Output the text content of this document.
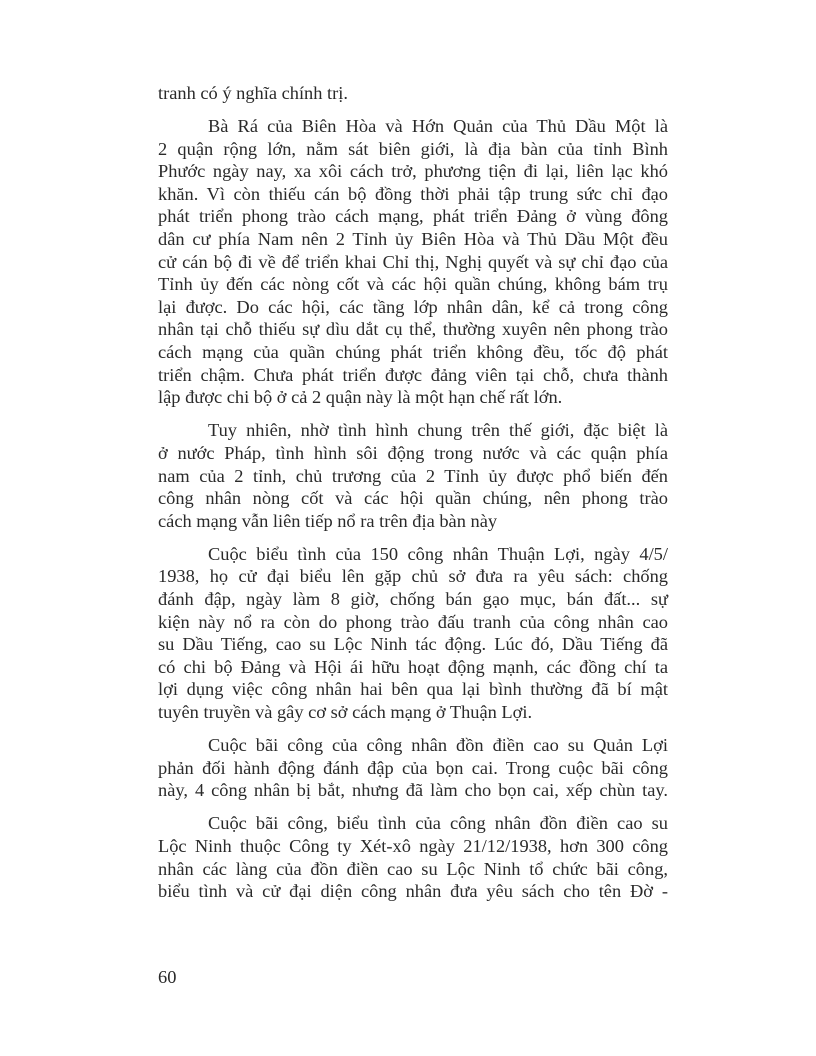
tranh có ý nghĩa chính trị.
Bà Rá của Biên Hòa và Hớn Quản của Thủ Dầu Một là
2 quận rộng lớn, nằm sát biên giới, là địa bàn của tỉnh Bình
Phước ngày nay, xa xôi cách trở, phương tiện đi lại, liên lạc khó
khăn. Vì còn thiếu cán bộ đồng thời phải tập trung sức chỉ đạo
phát triển phong trào cách mạng, phát triển Đảng ở vùng đông
dân cư phía Nam nên 2 Tỉnh ủy Biên Hòa và Thủ Dầu Một đều
cử cán bộ đi về để triển khai Chỉ thị, Nghị quyết và sự chỉ đạo của
Tỉnh ủy đến các nòng cốt và các hội quần chúng, không bám trụ
lại được. Do các hội, các tầng lớp nhân dân, kể cả trong công
nhân tại chỗ thiếu sự dìu dắt cụ thể, thường xuyên nên phong trào
cách mạng của quần chúng phát triển không đều, tốc độ phát
triển chậm. Chưa phát triển được đảng viên tại chỗ, chưa thành
lập được chi bộ ở cả 2 quận này là một hạn chế rất lớn.
Tuy nhiên, nhờ tình hình chung trên thế giới, đặc biệt là
ở nước Pháp, tình hình sôi động trong nước và các quận phía
nam của 2 tỉnh, chủ trương của 2 Tỉnh ủy được phổ biến đến
công nhân nòng cốt và các hội quần chúng, nên phong trào
cách mạng vẫn liên tiếp nổ ra trên địa bàn này
Cuộc biểu tình của 150 công nhân Thuận Lợi, ngày 4/5/
1938, họ cử đại biểu lên gặp chủ sở đưa ra yêu sách: chống
đánh đập, ngày làm 8 giờ, chống bán gạo mục, bán đất... sự
kiện này nổ ra còn do phong trào đấu tranh của công nhân cao
su Dầu Tiếng, cao su Lộc Ninh tác động. Lúc đó, Dầu Tiếng đã
có chi bộ Đảng và Hội ái hữu hoạt động mạnh, các đồng chí ta
lợi dụng việc công nhân hai bên qua lại bình thường đã bí mật
tuyên truyền và gây cơ sở cách mạng ở Thuận Lợi.
Cuộc bãi công của công nhân đồn điền cao su Quản Lợi
phản đối hành động đánh đập của bọn cai. Trong cuộc bãi công
này, 4 công nhân bị bắt, nhưng đã làm cho bọn cai, xếp chùn tay.
Cuộc bãi công, biểu tình của công nhân đồn điền cao su
Lộc Ninh thuộc Công ty Xét-xô ngày 21/12/1938, hơn 300 công
nhân các làng của đồn điền cao su Lộc Ninh tổ chức bãi công,
biểu tình và cử đại diện công nhân đưa yêu sách cho tên Đờ -
60
